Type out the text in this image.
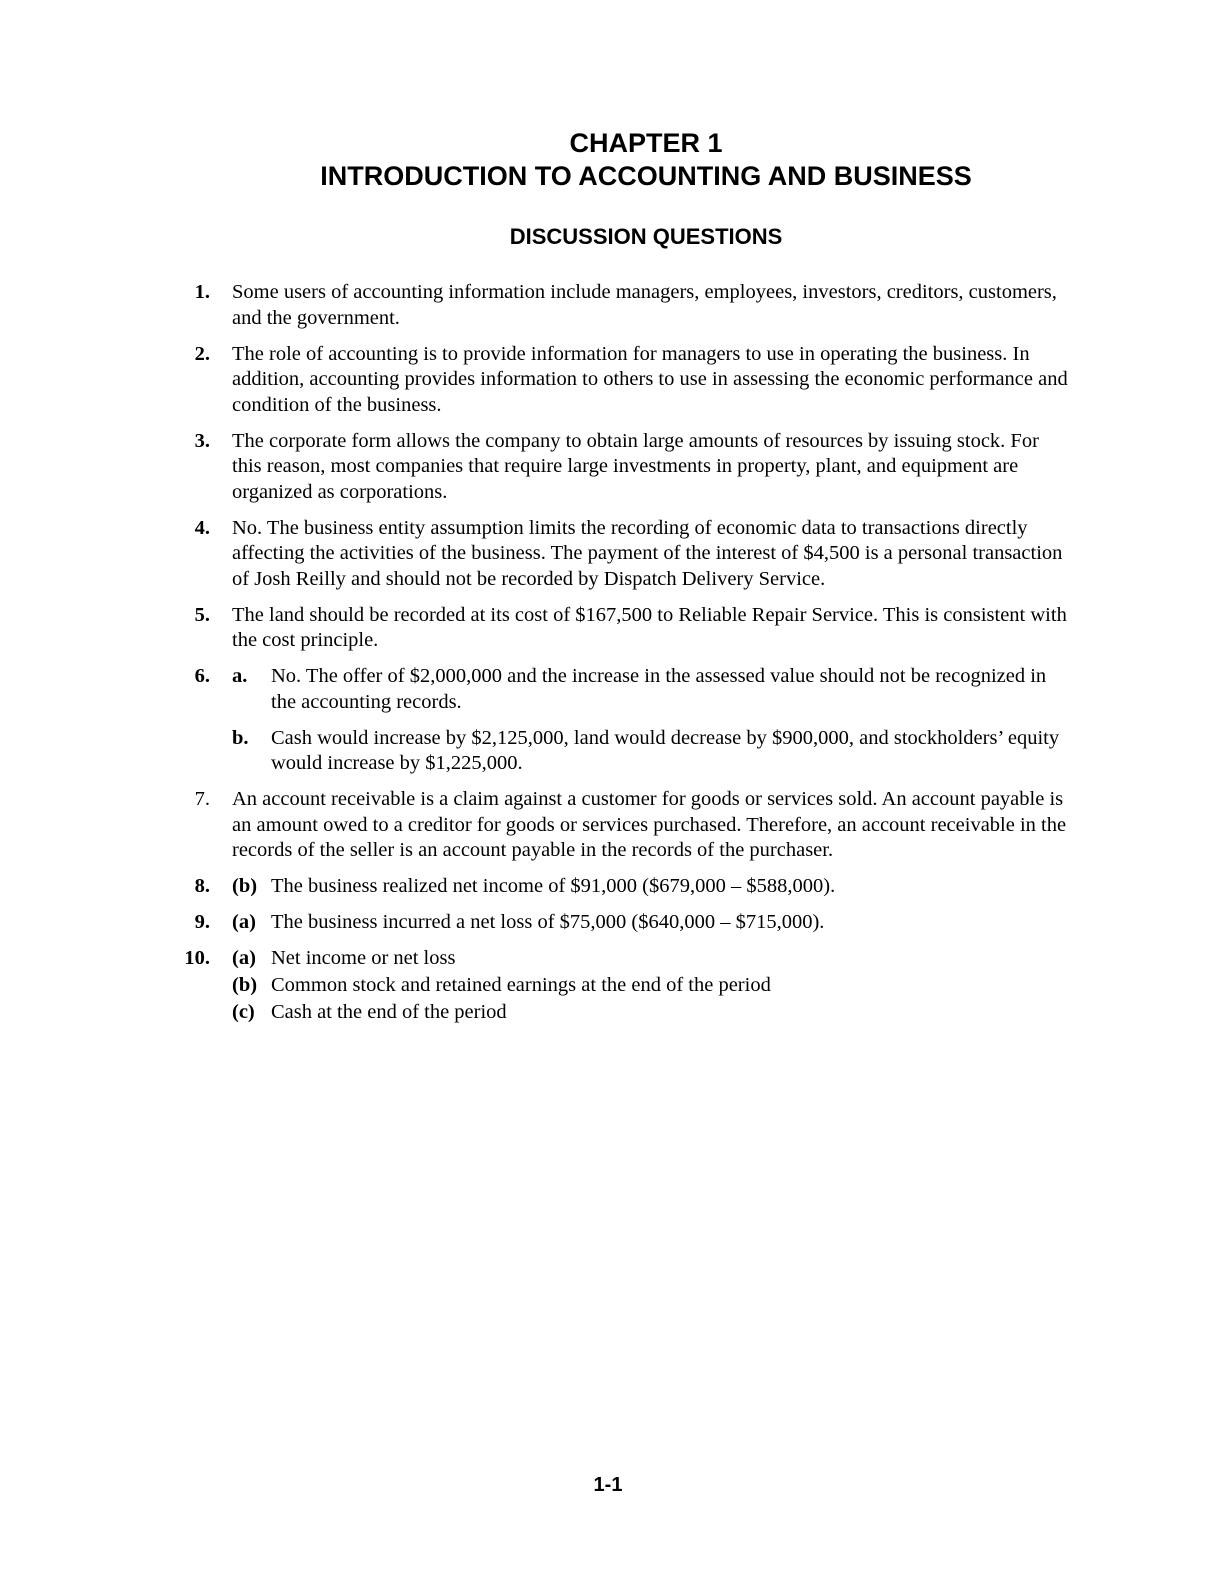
CHAPTER 1
INTRODUCTION TO ACCOUNTING AND BUSINESS
DISCUSSION QUESTIONS
1. Some users of accounting information include managers, employees, investors, creditors, customers, and the government.
2. The role of accounting is to provide information for managers to use in operating the business. In addition, accounting provides information to others to use in assessing the economic performance and condition of the business.
3. The corporate form allows the company to obtain large amounts of resources by issuing stock. For this reason, most companies that require large investments in property, plant, and equipment are organized as corporations.
4. No. The business entity assumption limits the recording of economic data to transactions directly affecting the activities of the business. The payment of the interest of $4,500 is a personal transaction of Josh Reilly and should not be recorded by Dispatch Delivery Service.
5. The land should be recorded at its cost of $167,500 to Reliable Repair Service. This is consistent with the cost principle.
6. a. No. The offer of $2,000,000 and the increase in the assessed value should not be recognized in the accounting records.
b. Cash would increase by $2,125,000, land would decrease by $900,000, and stockholders’ equity would increase by $1,225,000.
7. An account receivable is a claim against a customer for goods or services sold. An account payable is an amount owed to a creditor for goods or services purchased. Therefore, an account receivable in the records of the seller is an account payable in the records of the purchaser.
8. (b) The business realized net income of $91,000 ($679,000 – $588,000).
9. (a) The business incurred a net loss of $75,000 ($640,000 – $715,000).
10. (a) Net income or net loss
(b) Common stock and retained earnings at the end of the period
(c) Cash at the end of the period
1-1
